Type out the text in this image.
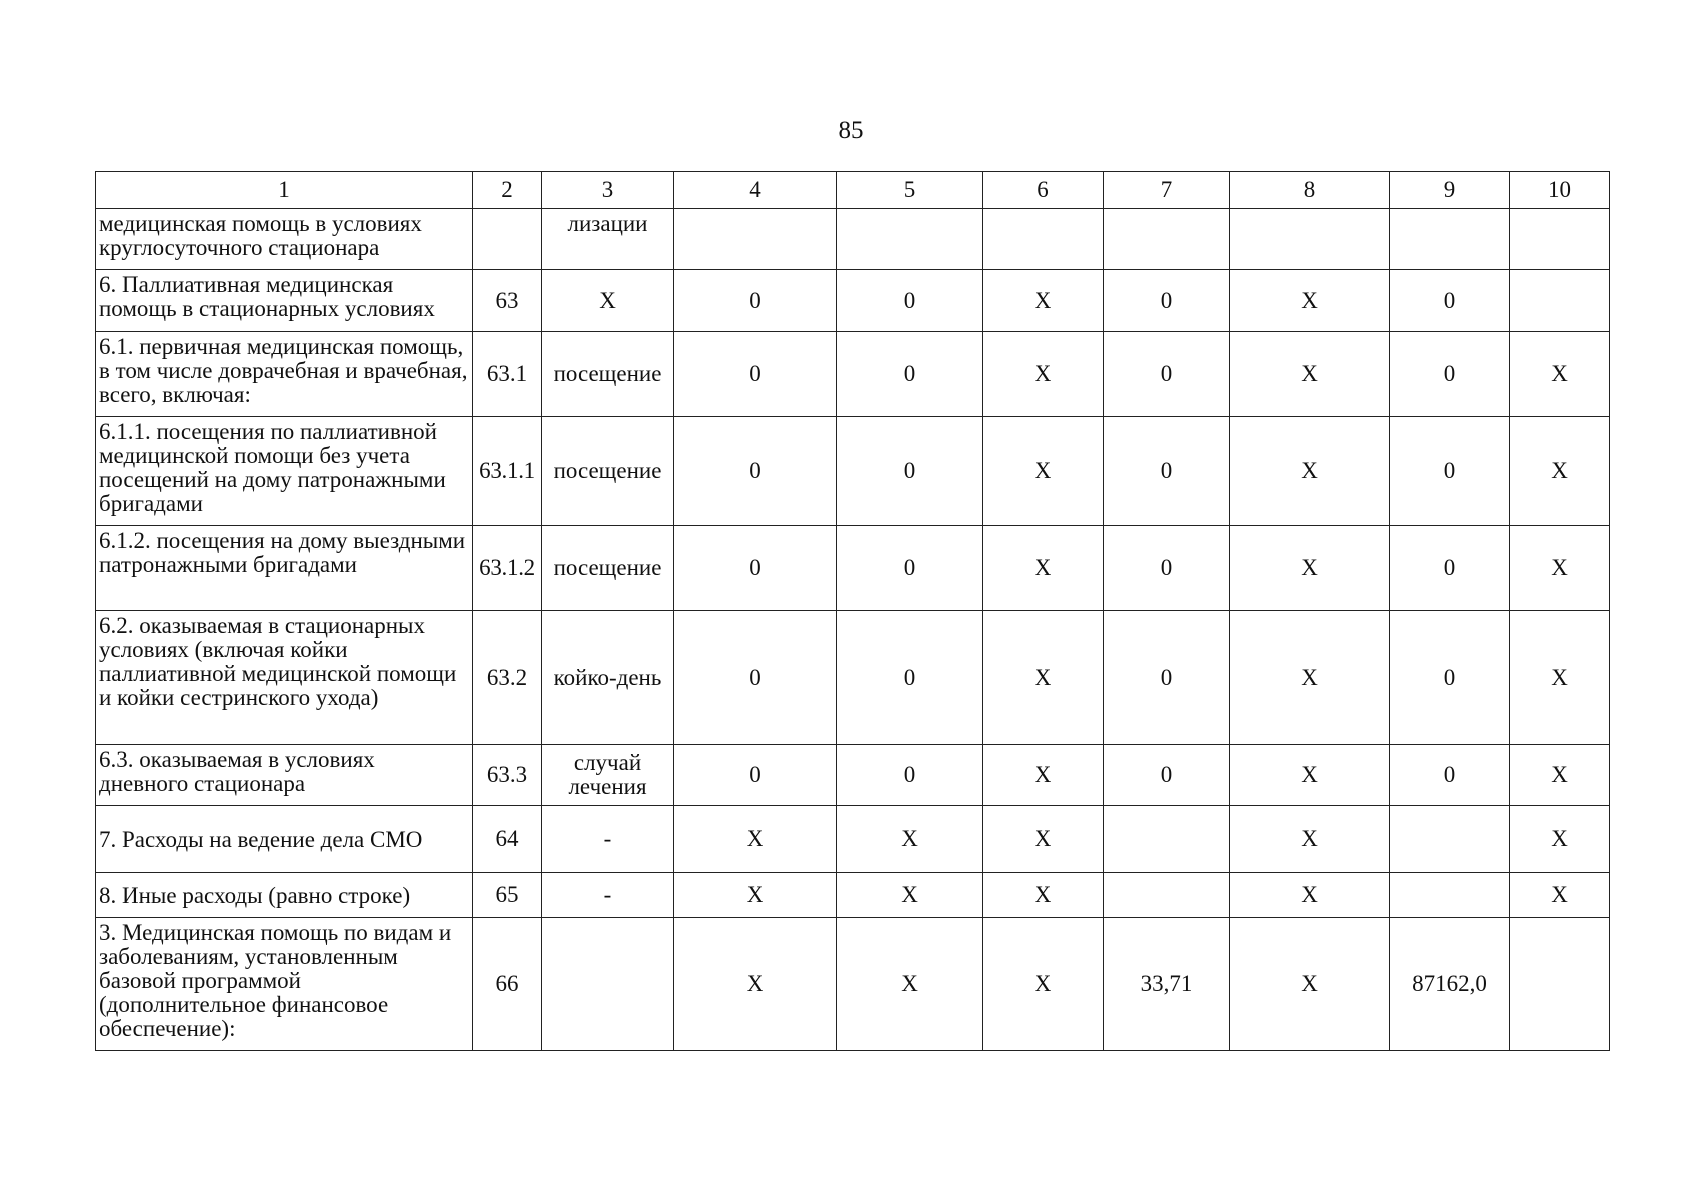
85
1	2	3	4	5	6	7	8	9	10
медицинская помощь в условиях круглосуточного стационара		лизации							
6. Паллиативная медицинская помощь в стационарных условиях	63	X	0	0	X	0	X	0	
6.1. первичная медицинская помощь, в том числе доврачебная и врачебная, всего, включая:	63.1	посещение	0	0	X	0	X	0	X
6.1.1. посещения по паллиативной медицинской помощи без учета посещений на дому патронажными бригадами	63.1.1	посещение	0	0	X	0	X	0	X
6.1.2. посещения на дому выездными патронажными бригадами	63.1.2	посещение	0	0	X	0	X	0	X
6.2. оказываемая в стационарных условиях (включая койки паллиативной медицинской помощи и койки сестринского ухода)	63.2	койко-день	0	0	X	0	X	0	X
6.3. оказываемая в условиях дневного стационара	63.3	случай лечения	0	0	X	0	X	0	X
7. Расходы на ведение дела СМО	64	-	X	X	X		X		X
8. Иные расходы (равно строке)	65	-	X	X	X		X		X
3. Медицинская помощь по видам и заболеваниям, установленным базовой программой (дополнительное финансовое обеспечение):	66		X	X	X	33,71	X	87162,0	
